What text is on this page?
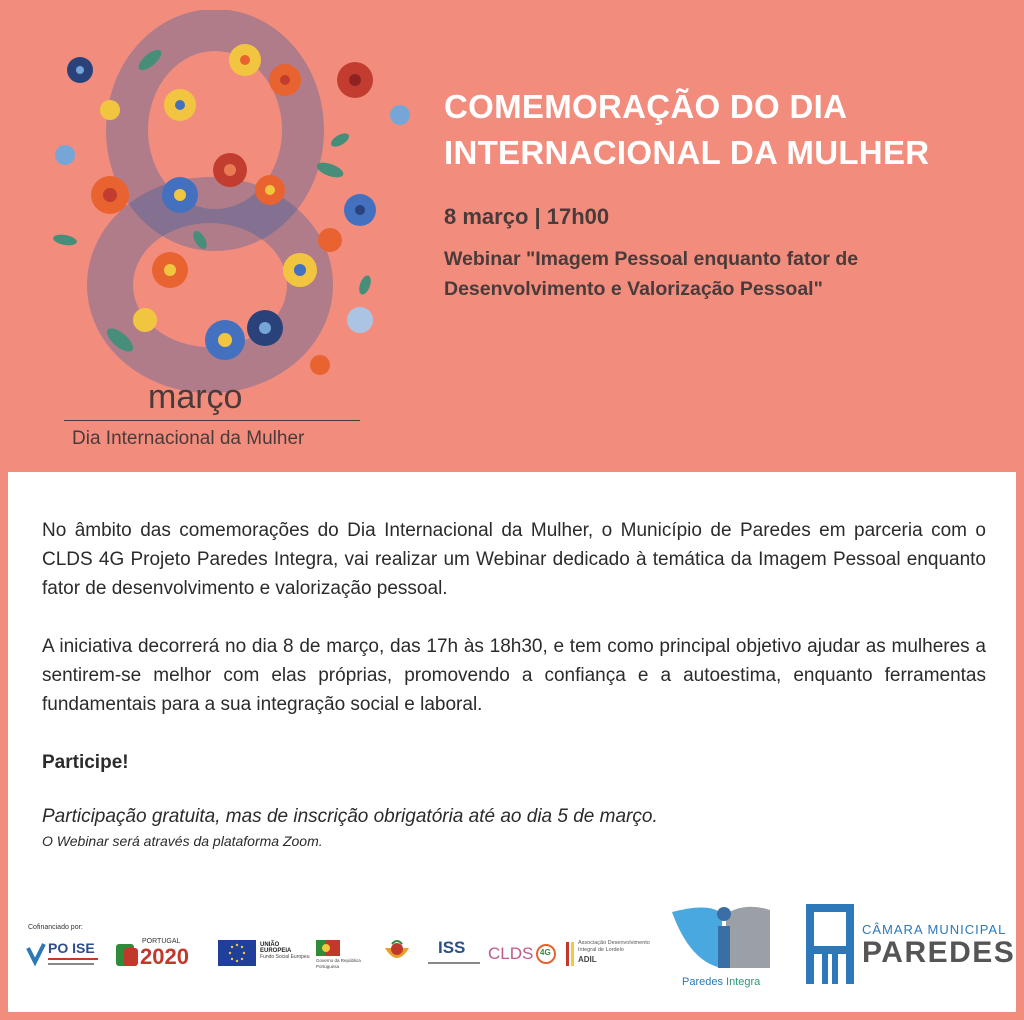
março
Dia Internacional da Mulher
COMEMORAÇÃO DO DIA
INTERNACIONAL DA MULHER
8 março | 17h00
Webinar "Imagem Pessoal enquanto fator de
Desenvolvimento e Valorização Pessoal"

No âmbito das comemorações do Dia Internacional da Mulher, o Município de Paredes em parceria com o CLDS 4G Projeto Paredes Integra, vai realizar um Webinar dedicado à temática da Imagem Pessoal enquanto fator de desenvolvimento e valorização pessoal.

A iniciativa decorrerá no dia 8 de março, das 17h às 18h30, e tem como principal objetivo ajudar as mulheres a sentirem-se melhor com elas próprias, promovendo a confiança e a autoestima, enquanto ferramentas fundamentais para a sua integração social e laboral.

Participe!

Participação gratuita, mas de inscrição obrigatória até ao dia 5 de março.

O Webinar será através da plataforma Zoom.

Cofinanciado por:
PO ISE	PORTUGAL
2020	UNIÃO EUROPEIA
Fundo Social Europeu
Governo da República Portuguesa
ISS CLDS 4G
Associação Desenvolvimento Integral de Lordelo
ADIL
Paredes Integra
CÂMARA MUNICIPAL
PAREDES
